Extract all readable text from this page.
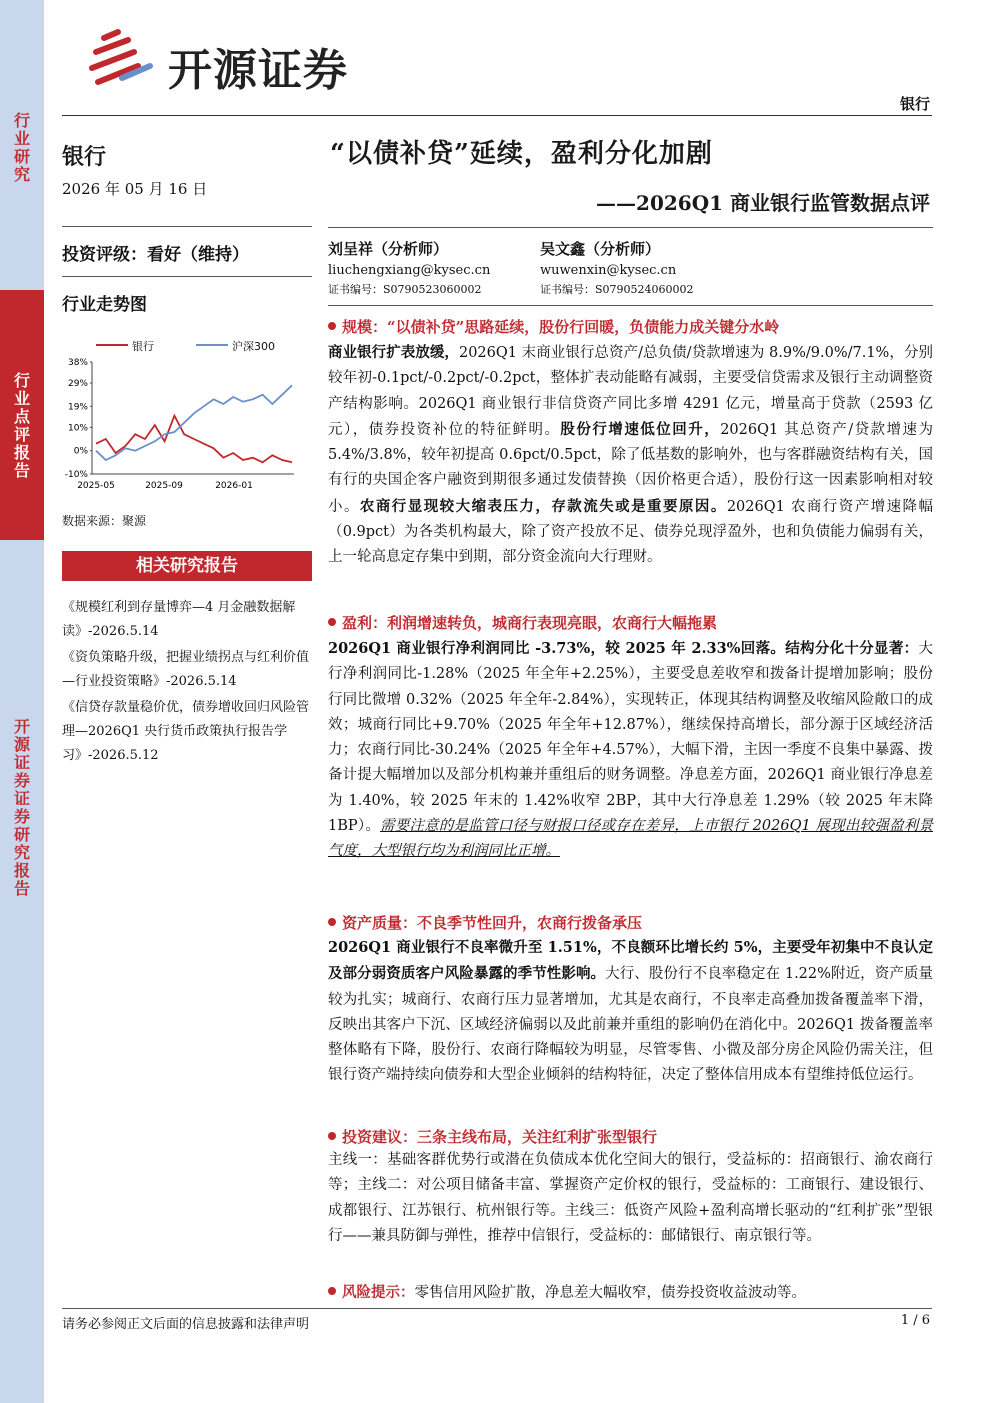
行业研究
行业点评报告
开源证券 证券研究报告
开源证券
银行
银行
2026 年 05 月 16 日
投资评级：看好（维持）
行业走势图
银行	沪深300
38%
29%
19%
10%
0%
-10%
2025-05	2025-09	2026-01
数据来源：聚源
相关研究报告
《规模红利到存量博弈—4 月金融数据解读》-2026.5.14
《资负策略升级，把握业绩拐点与红利价值—行业投资策略》-2026.5.14
《信贷存款量稳价优，债券增收回归风险管理—2026Q1 央行货币政策执行报告学习》-2026.5.12
“以债补贷”延续，盈利分化加剧
——2026Q1 商业银行监管数据点评
刘呈祥（分析师）
liuchengxiang@kysec.cn
证书编号：S0790523060002
吴文鑫（分析师）
wuwenxin@kysec.cn
证书编号：S0790524060002
规模：“以债补贷”思路延续，股份行回暖，负债能力成关键分水岭
商业银行扩表放缓，2026Q1 末商业银行总资产/总负债/贷款增速为 8.9%/9.0%/7.1%，分别较年初-0.1pct/-0.2pct/-0.2pct，整体扩表动能略有减弱，主要受信贷需求及银行主动调整资产结构影响。2026Q1 商业银行非信贷资产同比多增 4291 亿元，增量高于贷款（2593 亿元），债券投资补位的特征鲜明。股份行增速低位回升，2026Q1 其总资产/贷款增速为 5.4%/3.8%，较年初提高 0.6pct/0.5pct，除了低基数的影响外，也与客群融资结构有关，国有行的央国企客户融资到期很多通过发债替换（因价格更合适），股份行这一因素影响相对较小。农商行显现较大缩表压力，存款流失或是重要原因。2026Q1 农商行资产增速降幅（0.9pct）为各类机构最大，除了资产投放不足、债券兑现浮盈外，也和负债能力偏弱有关，上一轮高息定存集中到期，部分资金流向大行理财。
盈利：利润增速转负，城商行表现亮眼，农商行大幅拖累
2026Q1 商业银行净利润同比 -3.73%，较 2025 年 2.33%回落。结构分化十分显著：大行净利润同比-1.28%（2025 年全年+2.25%），主要受息差收窄和拨备计提增加影响；股份行同比微增 0.32%（2025 年全年-2.84%），实现转正，体现其结构调整及收缩风险敞口的成效；城商行同比+9.70%（2025 年全年+12.87%），继续保持高增长，部分源于区域经济活力；农商行同比-30.24%（2025 年全年+4.57%），大幅下滑，主因一季度不良集中暴露、拨备计提大幅增加以及部分机构兼并重组后的财务调整。净息差方面，2026Q1 商业银行净息差为 1.40%，较 2025 年末的 1.42%收窄 2BP，其中大行净息差 1.29%（较 2025 年末降 1BP）。需要注意的是监管口径与财报口径或存在差异，上市银行 2026Q1 展现出较强盈利景气度，大型银行均为利润同比正增。
资产质量：不良季节性回升，农商行拨备承压
2026Q1 商业银行不良率微升至 1.51%，不良额环比增长约 5%，主要受年初集中不良认定及部分弱资质客户风险暴露的季节性影响。大行、股份行不良率稳定在 1.22%附近，资产质量较为扎实；城商行、农商行压力显著增加，尤其是农商行，不良率走高叠加拨备覆盖率下滑，反映出其客户下沉、区域经济偏弱以及此前兼并重组的影响仍在消化中。2026Q1 拨备覆盖率整体略有下降，股份行、农商行降幅较为明显，尽管零售、小微及部分房企风险仍需关注，但银行资产端持续向债券和大型企业倾斜的结构特征，决定了整体信用成本有望维持低位运行。
投资建议：三条主线布局，关注红利扩张型银行
主线一：基础客群优势行或潜在负债成本优化空间大的银行，受益标的：招商银行、渝农商行等；主线二：对公项目储备丰富、掌握资产定价权的银行，受益标的：工商银行、建设银行、成都银行、江苏银行、杭州银行等。主线三：低资产风险+盈利高增长驱动的“红利扩张”型银行——兼具防御与弹性，推荐中信银行，受益标的：邮储银行、南京银行等。
风险提示：零售信用风险扩散，净息差大幅收窄，债券投资收益波动等。
请务必参阅正文后面的信息披露和法律声明	1 / 6
